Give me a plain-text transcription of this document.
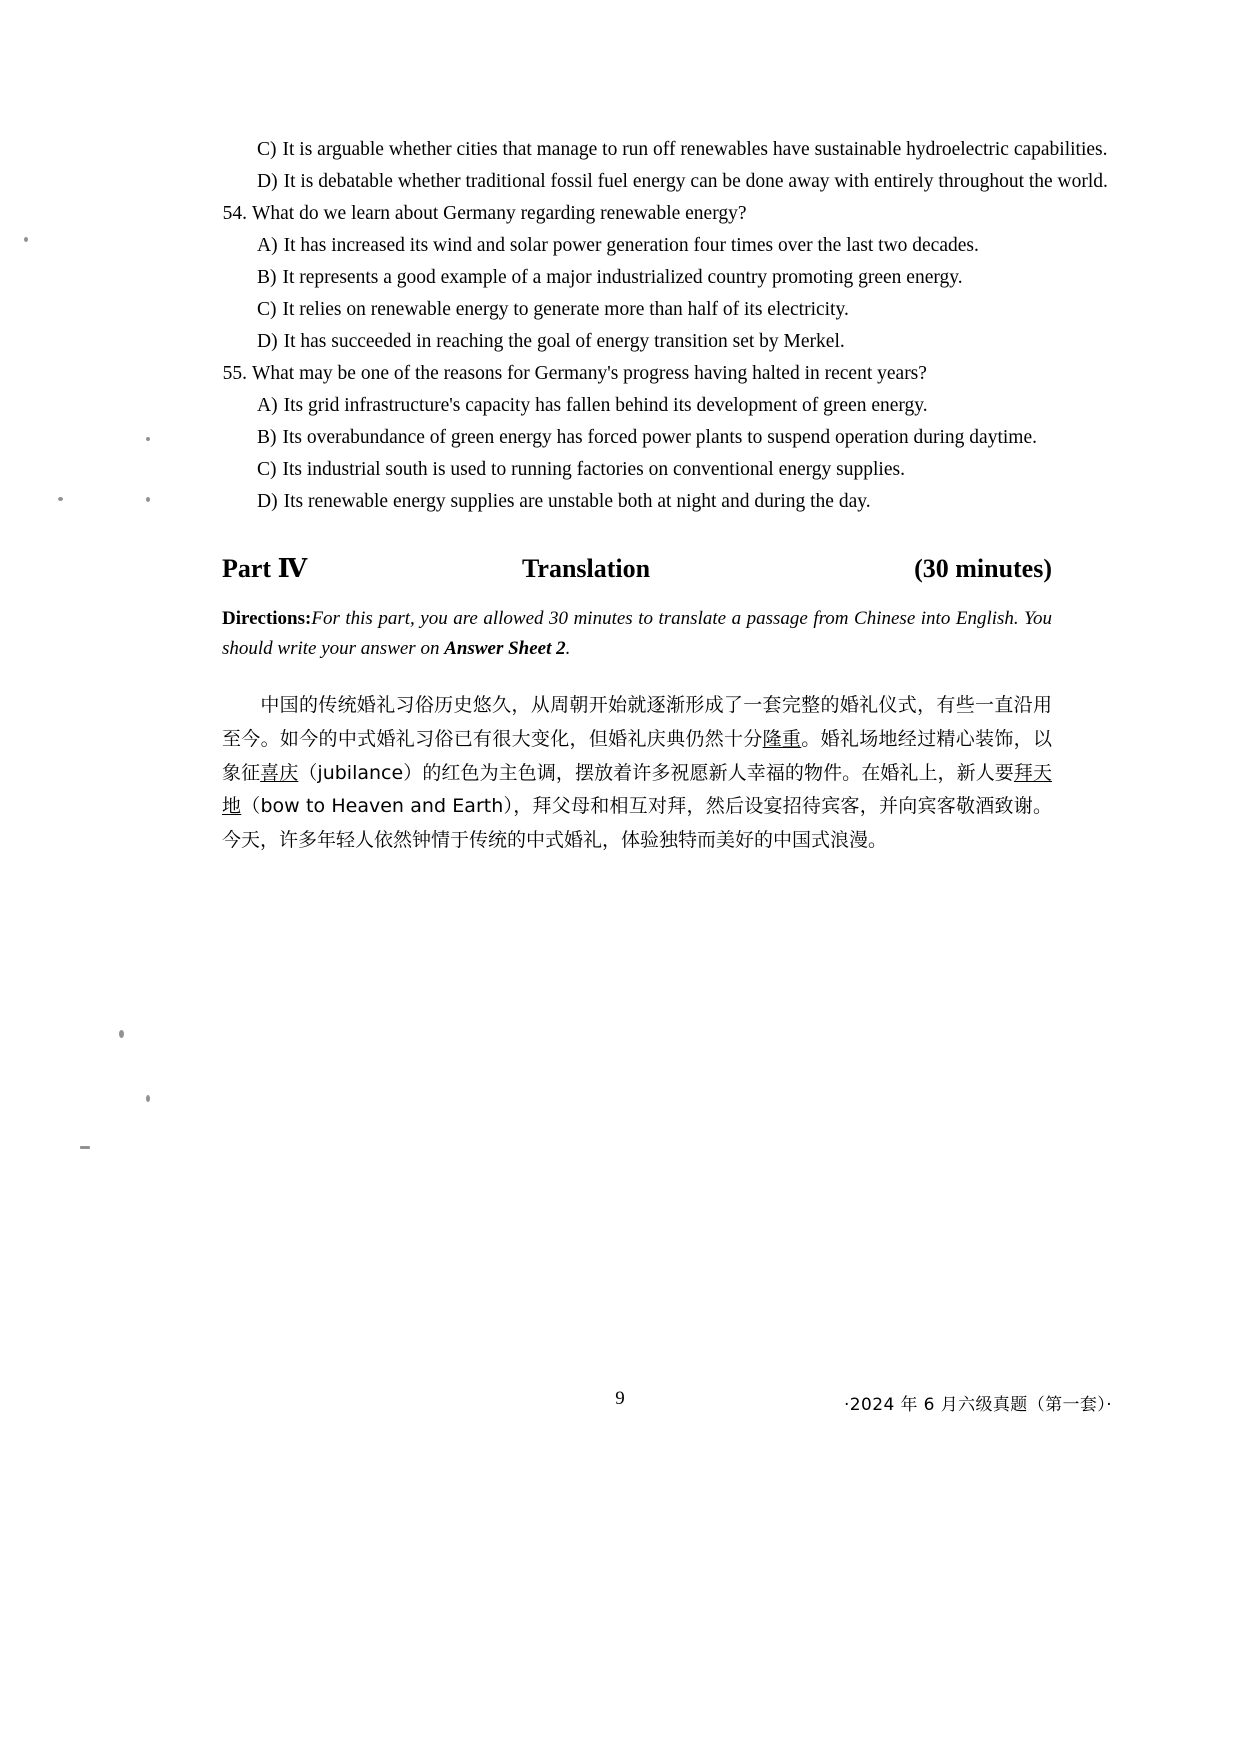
C) It is arguable whether cities that manage to run off renewables have sustainable hydroelectric capabilities.
D) It is debatable whether traditional fossil fuel energy can be done away with entirely throughout the world.
54. What do we learn about Germany regarding renewable energy?
A) It has increased its wind and solar power generation four times over the last two decades.
B) It represents a good example of a major industrialized country promoting green energy.
C) It relies on renewable energy to generate more than half of its electricity.
D) It has succeeded in reaching the goal of energy transition set by Merkel.
55. What may be one of the reasons for Germany's progress having halted in recent years?
A) Its grid infrastructure's capacity has fallen behind its development of green energy.
B) Its overabundance of green energy has forced power plants to suspend operation during daytime.
C) Its industrial south is used to running factories on conventional energy supplies.
D) Its renewable energy supplies are unstable both at night and during the day.
Part Ⅳ	Translation	(30 minutes)
Directions:For this part, you are allowed 30 minutes to translate a passage from Chinese into English. You should write your answer on Answer Sheet 2.
中国的传统婚礼习俗历史悠久，从周朝开始就逐渐形成了一套完整的婚礼仪式，有些一直沿用至今。如今的中式婚礼习俗已有很大变化，但婚礼庆典仍然十分隆重。婚礼场地经过精心装饰，以象征喜庆（jubilance）的红色为主色调，摆放着许多祝愿新人幸福的物件。在婚礼上，新人要拜天地（bow to Heaven and Earth），拜父母和相互对拜，然后设宴招待宾客，并向宾客敬酒致谢。今天，许多年轻人依然钟情于传统的中式婚礼，体验独特而美好的中国式浪漫。
9	·2024 年 6 月六级真题（第一套）·
